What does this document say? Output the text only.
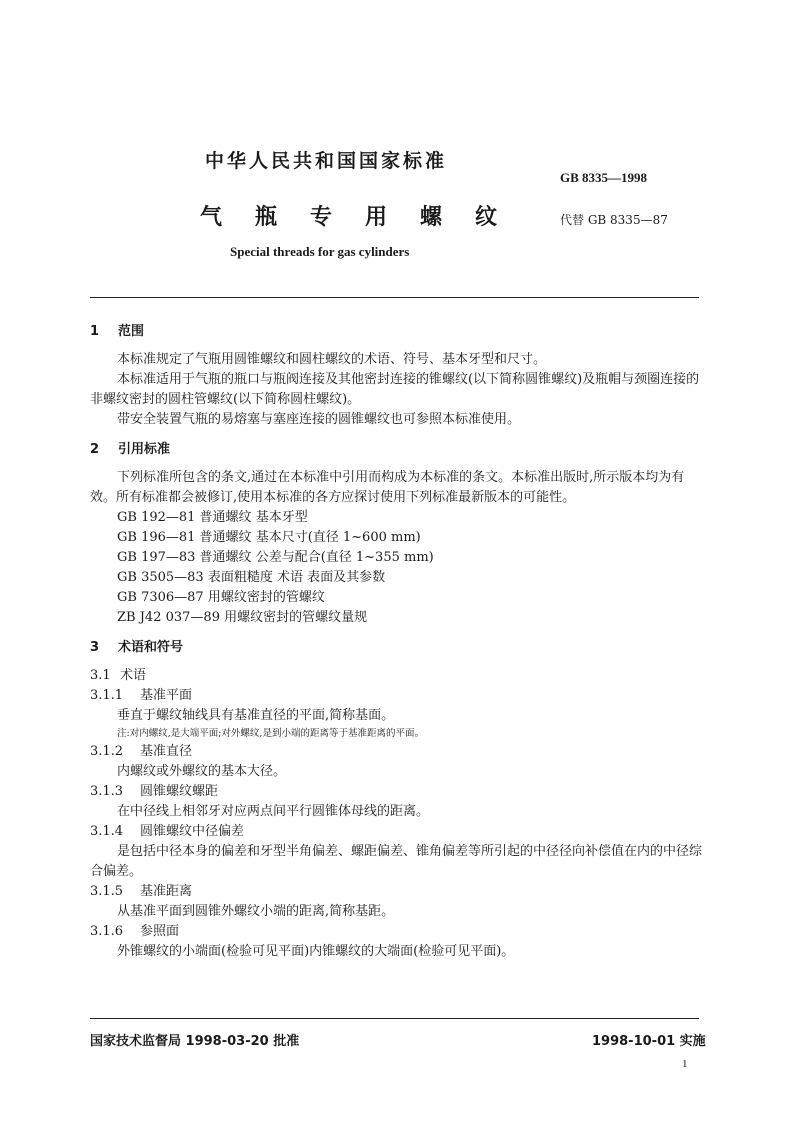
中华人民共和国国家标准
GB 8335—1998
气瓶专用螺纹 代替 GB 8335—87
Special threads for gas cylinders

1 范围

本标准规定了气瓶用圆锥螺纹和圆柱螺纹的术语、符号、基本牙型和尺寸。

本标准适用于气瓶的瓶口与瓶阀连接及其他密封连接的锥螺纹(以下简称圆锥螺纹)及瓶帽与颈圈连接的非螺纹密封的圆柱管螺纹(以下简称圆柱螺纹)。

带安全装置气瓶的易熔塞与塞座连接的圆锥螺纹也可参照本标准使用。

2 引用标准

下列标准所包含的条文,通过在本标准中引用而构成为本标准的条文。本标准出版时,所示版本均为有效。所有标准都会被修订,使用本标准的各方应探讨使用下列标准最新版本的可能性。

GB 192—81 普通螺纹 基本牙型

GB 196—81 普通螺纹 基本尺寸(直径 1~600 mm)

GB 197—83 普通螺纹 公差与配合(直径 1~355 mm)

GB 3505—83 表面粗糙度 术语 表面及其参数

GB 7306—87 用螺纹密封的管螺纹

ZB J42 037—89 用螺纹密封的管螺纹量规

3 术语和符号

3.1 术语

3.1.1 基准平面

垂直于螺纹轴线具有基准直径的平面,简称基面。

注:对内螺纹,是大端平面;对外螺纹,是到小端的距离等于基准距离的平面。

3.1.2 基准直径

内螺纹或外螺纹的基本大径。

3.1.3 圆锥螺纹螺距

在中径线上相邻牙对应两点间平行圆锥体母线的距离。

3.1.4 圆锥螺纹中径偏差

是包括中径本身的偏差和牙型半角偏差、螺距偏差、锥角偏差等所引起的中径径向补偿值在内的中径综合偏差。

3.1.5 基准距离

从基准平面到圆锥外螺纹小端的距离,简称基距。

3.1.6 参照面

外锥螺纹的小端面(检验可见平面)内锥螺纹的大端面(检验可见平面)。

国家技术监督局 1998-03-20 批准	1998-10-01 实施
1
